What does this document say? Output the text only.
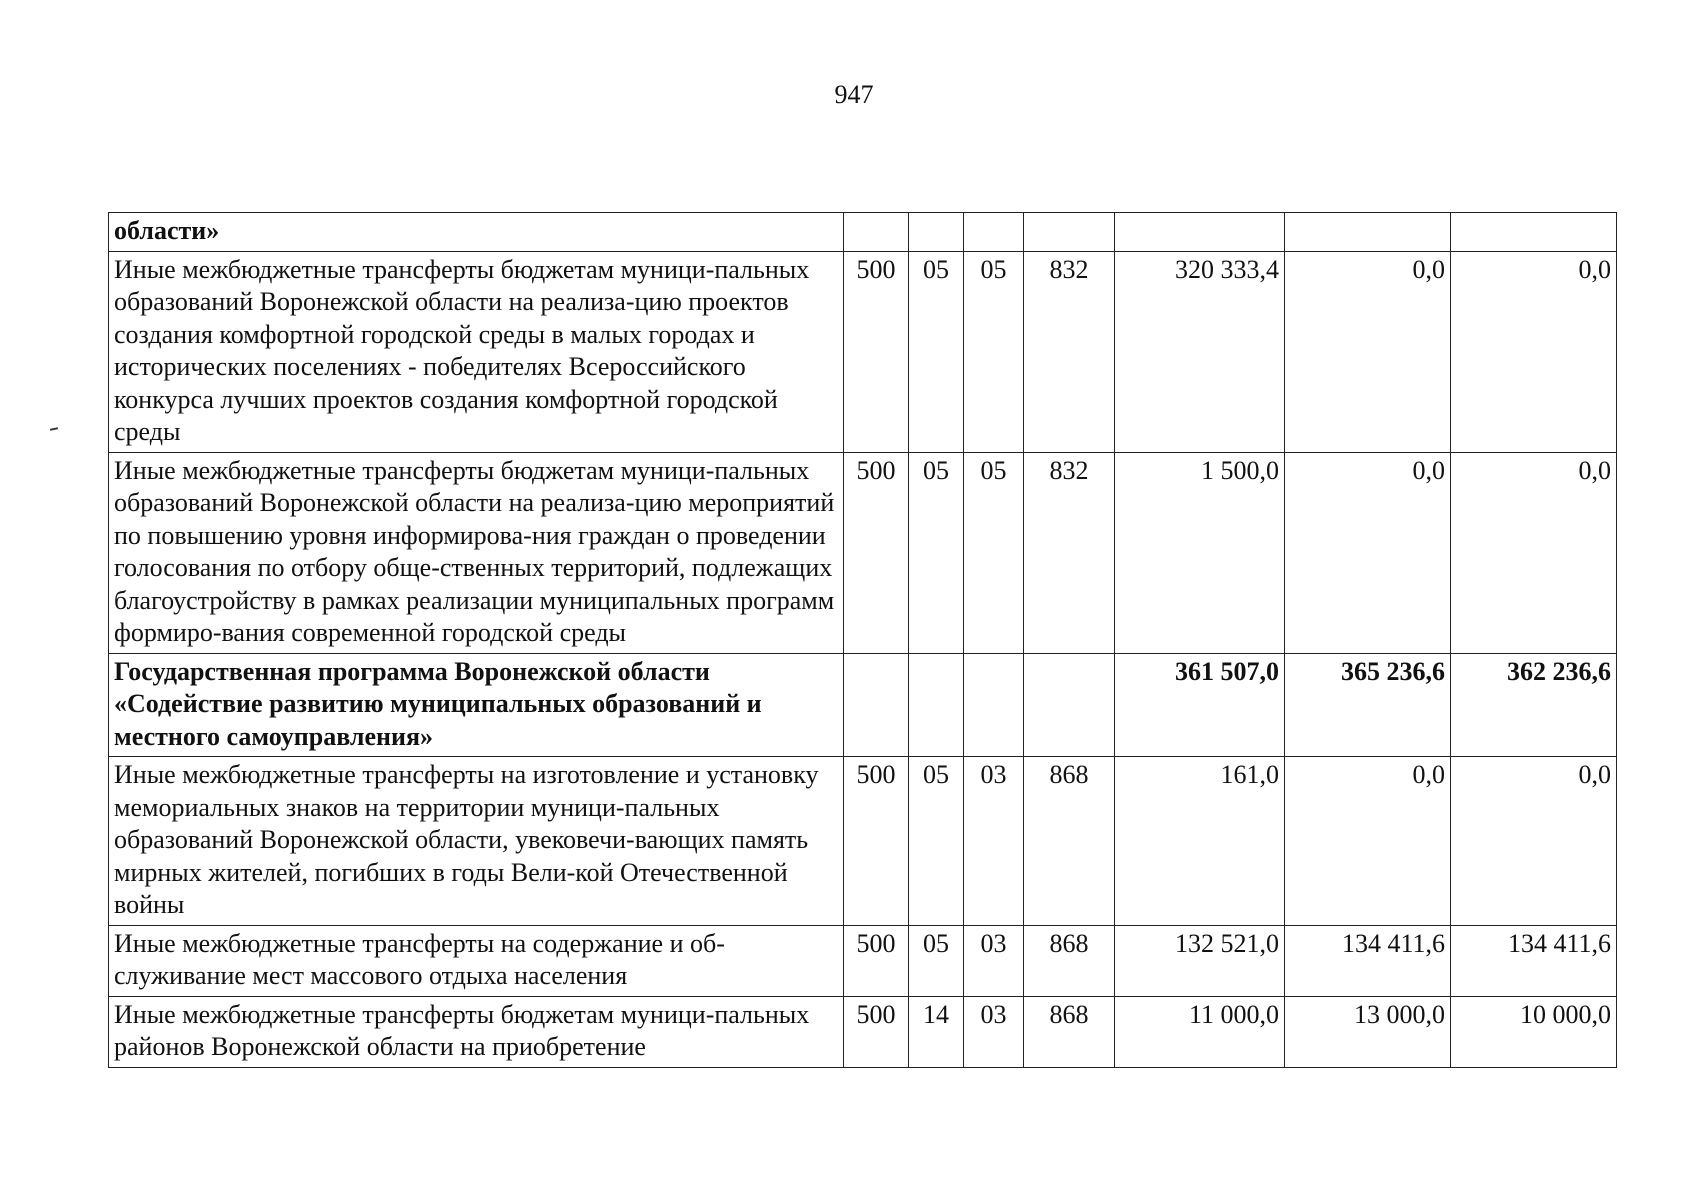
947
области»							
Иные межбюджетные трансферты бюджетам муници-пальных образований Воронежской области на реализа-цию проектов создания комфортной городской среды в малых городах и исторических поселениях - победителях Всероссийского конкурса лучших проектов создания комфортной городской среды	500	05	05	832	320 333,4	0,0	0,0
Иные межбюджетные трансферты бюджетам муници-пальных образований Воронежской области на реализа-цию мероприятий по повышению уровня информирова-ния граждан о проведении голосования по отбору обще-ственных территорий, подлежащих благоустройству в рамках реализации муниципальных программ формиро-вания современной городской среды	500	05	05	832	1 500,0	0,0	0,0
Государственная программа Воронежской области «Содействие развитию муниципальных образований и местного самоуправления»					361 507,0	365 236,6	362 236,6
Иные межбюджетные трансферты на изготовление и установку мемориальных знаков на территории муници-пальных образований Воронежской области, увековечи-вающих память мирных жителей, погибших в годы Вели-кой Отечественной войны	500	05	03	868	161,0	0,0	0,0
Иные межбюджетные трансферты на содержание и об-служивание мест массового отдыха населения	500	05	03	868	132 521,0	134 411,6	134 411,6
Иные межбюджетные трансферты бюджетам муници-пальных районов Воронежской области на приобретение	500	14	03	868	11 000,0	13 000,0	10 000,0
